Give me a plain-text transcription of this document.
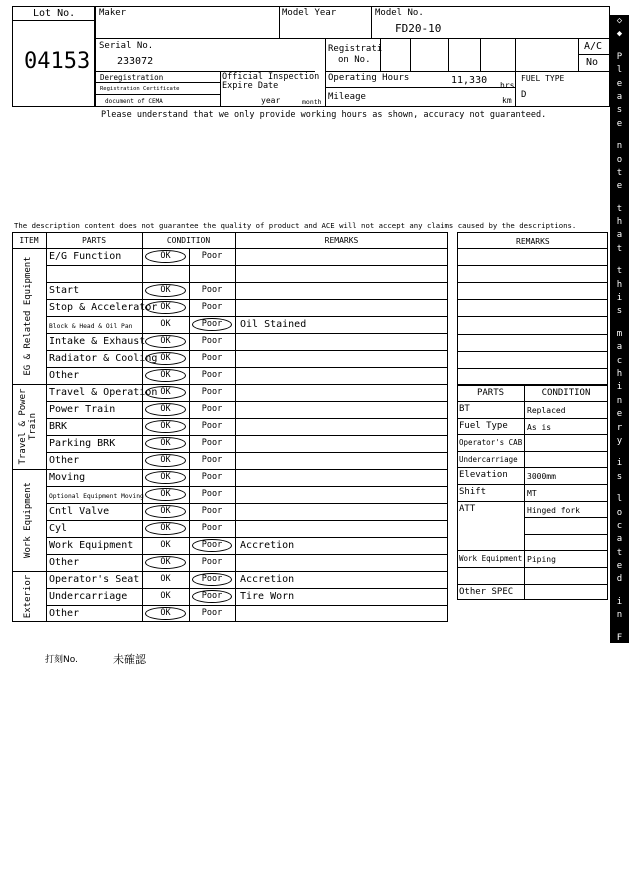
Lot No.
04153
Maker	Model Year	Model No.
FD20-10
Serial No.
233072
Registrati
on No.
A/C
No
Deregistration
Registration Certificate
document of CEMA
Official Inspection
Expire Date
year	month
Operating Hours	11,330 hrs
Mileage	km
FUEL TYPE
D
Please understand that we only provide working hours as shown, accuracy not guaranteed.
The description content does not guarantee the quality of product and ACE will not accept any claims caused by the descriptions.
REMARKS
◇
◆

P
l
e
a
s
e

n
o
t
e

t
h
a
t

t
h
i
s

m
a
c
h
i
n
e
r
y

i
s

l
o
c
a
t
e
d

i
n

F
o
r
k
l
i
f
t

P
a
r
k
i
n
g

◆
◇
打刻No.	未確認
ITEM	PARTS	CONDITION	REMARKS
EG & Related Equipment
Travel & Power Train
Work Equipment
Exterior
E/G Function	OK	Poor
Start	OK	Poor
Stop & Accelerator OK	Poor
Block & Head & Oil Pan	OK	Poor	Oil Stained
Intake & Exhaust	OK	Poor
Radiator & Cooling OK	Poor
Other	OK	Poor
Travel & Operation OK	Poor
Power Train	OK	Poor
BRK	OK	Poor
Parking BRK	OK	Poor
Other	OK	Poor
Moving	OK	Poor
Optional Equipment Moving	OK	Poor
Cntl Valve	OK	Poor
Cyl	OK	Poor
Work Equipment	OK	Poor	Accretion
Other	OK	Poor
Operator's Seat	OK	Poor	Accretion
Undercarriage	OK	Poor	Tire Worn
Other	OK	Poor
PARTS	CONDITION
BT	Replaced
Fuel Type As is
Operator's CAB
Undercarriage
Elevation 3000mm
Shift	MT
ATT	Hinged fork
Work Equipment Piping
Other SPEC
